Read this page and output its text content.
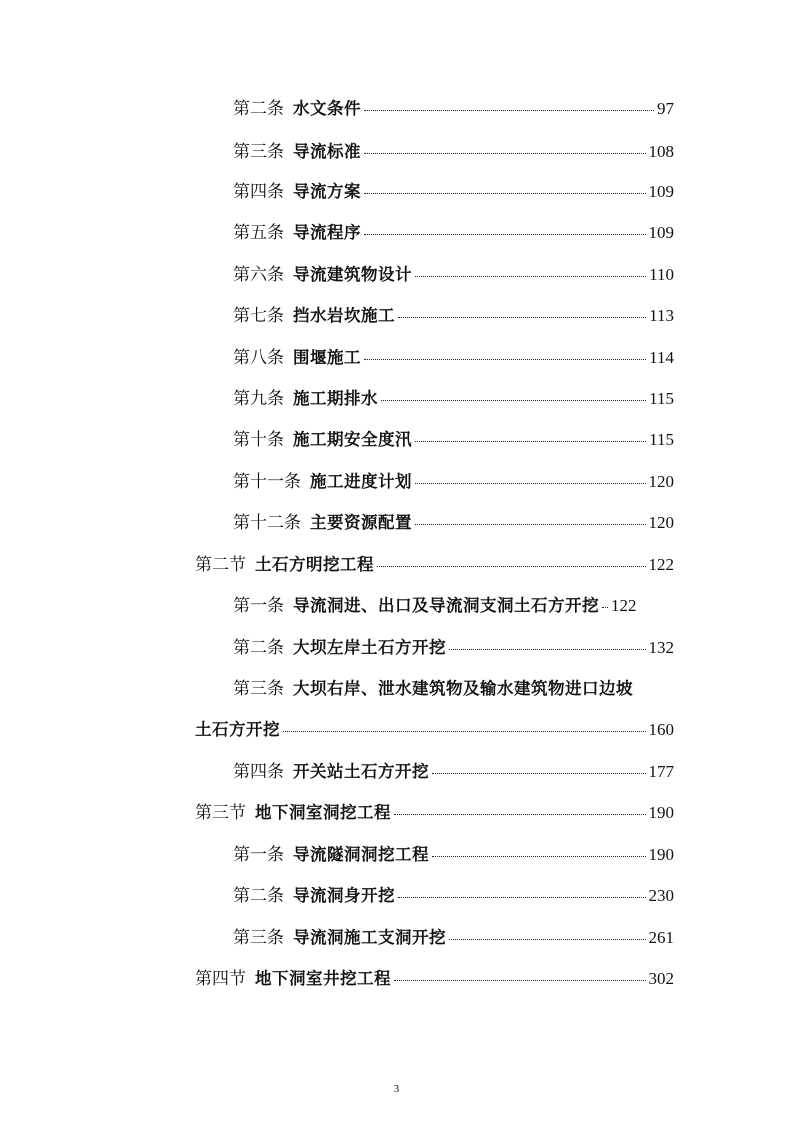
第二条 水文条件	97
第三条 导流标准	108
第四条 导流方案	109
第五条 导流程序	109
第六条 导流建筑物设计	110
第七条 挡水岩坎施工	113
第八条 围堰施工	114
第九条 施工期排水	115
第十条 施工期安全度汛	115
第十一条 施工进度计划	120
第十二条 主要资源配置	120
第二节 土石方明挖工程	122
第一条 导流洞进、出口及导流洞支洞土石方开挖 122
第二条 大坝左岸土石方开挖	132
第三条 大坝右岸、泄水建筑物及输水建筑物进口边坡
土石方开挖	160
第四条 开关站土石方开挖	177
第三节 地下洞室洞挖工程	190
第一条 导流隧洞洞挖工程	190
第二条 导流洞身开挖	230
第三条 导流洞施工支洞开挖	261
第四节 地下洞室井挖工程	302
3
